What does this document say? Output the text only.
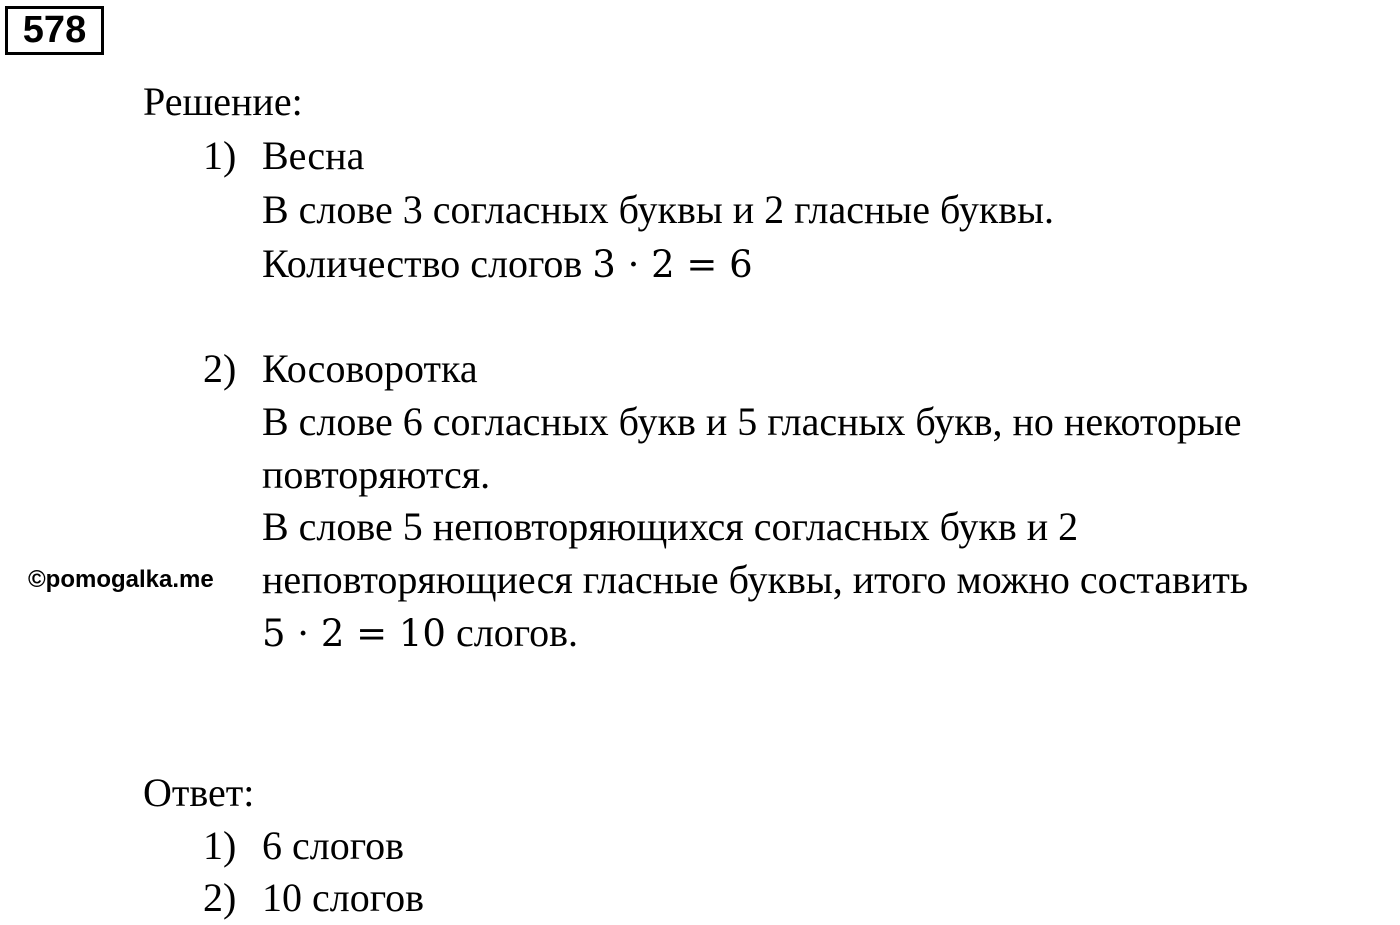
578
Решение:
1) Весна
В слове 3 согласных буквы и 2 гласные буквы.
Количество слогов 3 · 2 = 6
2) Косоворотка
В слове 6 согласных букв и 5 гласных букв, но некоторые
повторяются.
В слове 5 неповторяющихся согласных букв и 2
неповторяющиеся гласные буквы, итого можно составить
5 · 2 = 10 слогов.
©pomogalka.me
Ответ:
1) 6 слогов
2) 10 слогов
